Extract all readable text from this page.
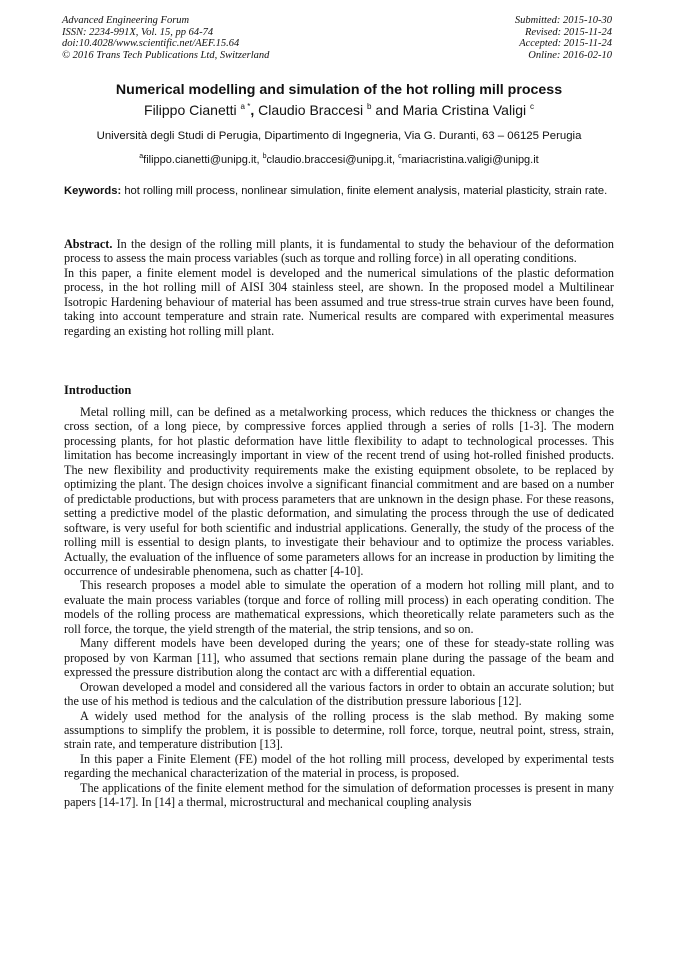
Advanced Engineering Forum
ISSN: 2234-991X, Vol. 15, pp 64-74
doi:10.4028/www.scientific.net/AEF.15.64
© 2016 Trans Tech Publications Ltd, Switzerland
Submitted: 2015-10-30
Revised: 2015-11-24
Accepted: 2015-11-24
Online: 2016-02-10
Numerical modelling and simulation of the hot rolling mill process
Filippo Cianetti $^{a *}$, Claudio Braccesi $^b$ and Maria Cristina Valigi $^c$
Università degli Studi di Perugia, Dipartimento di Ingegneria, Via G. Duranti, 63 – 06125 Perugia
$^a$filippo.cianetti@unipg.it, $^b$claudio.braccesi@unipg.it, $^c$mariacristina.valigi@unipg.it
Keywords: hot rolling mill process, nonlinear simulation, finite element analysis, material plasticity, strain rate.

Abstract. In the design of the rolling mill plants, it is fundamental to study the behaviour of the deformation process to assess the main process variables (such as torque and rolling force) in all operating conditions.

In this paper, a finite element model is developed and the numerical simulations of the plastic deformation process, in the hot rolling mill of AISI 304 stainless steel, are shown. In the proposed model a Multilinear Isotropic Hardening behaviour of material has been assumed and true stress-true strain curves have been found, taking into account temperature and strain rate. Numerical results are compared with experimental measures regarding an existing hot rolling mill plant.

Introduction

Metal rolling mill, can be defined as a metalworking process, which reduces the thickness or changes the cross section, of a long piece, by compressive forces applied through a series of rolls [1-3]. The modern processing plants, for hot plastic deformation have little flexibility to adapt to technological processes. This limitation has become increasingly important in view of the recent trend of using hot-rolled finished products. The new flexibility and productivity requirements make the existing equipment obsolete, to be replaced by optimizing the plant. The design choices involve a significant financial commitment and are based on a number of predictable productions, but with process parameters that are unknown in the design phase. For these reasons, setting a predictive model of the plastic deformation, and simulating the process through the use of dedicated software, is very useful for both scientific and industrial applications. Generally, the study of the process of the rolling mill is essential to design plants, to investigate their behaviour and to optimize the process variables. Actually, the evaluation of the influence of some parameters allows for an increase in production by limiting the occurrence of undesirable phenomena, such as chatter [4-10].

This research proposes a model able to simulate the operation of a modern hot rolling mill plant, and to evaluate the main process variables (torque and force of rolling mill process) in each operating condition. The models of the rolling process are mathematical expressions, which theoretically relate parameters such as the roll force, the torque, the yield strength of the material, the strip tensions, and so on.

Many different models have been developed during the years; one of these for steady-state rolling was proposed by von Karman [11], who assumed that sections remain plane during the passage of the beam and expressed the pressure distribution along the contact arc with a differential equation.

Orowan developed a model and considered all the various factors in order to obtain an accurate solution; but the use of his method is tedious and the calculation of the distribution pressure laborious [12].

A widely used method for the analysis of the rolling process is the slab method. By making some assumptions to simplify the problem, it is possible to determine, roll force, torque, neutral point, stress, strain, strain rate, and temperature distribution [13].

In this paper a Finite Element (FE) model of the hot rolling mill process, developed by experimental tests regarding the mechanical characterization of the material in process, is proposed.

The applications of the finite element method for the simulation of deformation processes is present in many papers [14-17]. In [14] a thermal, microstructural and mechanical coupling analysis
